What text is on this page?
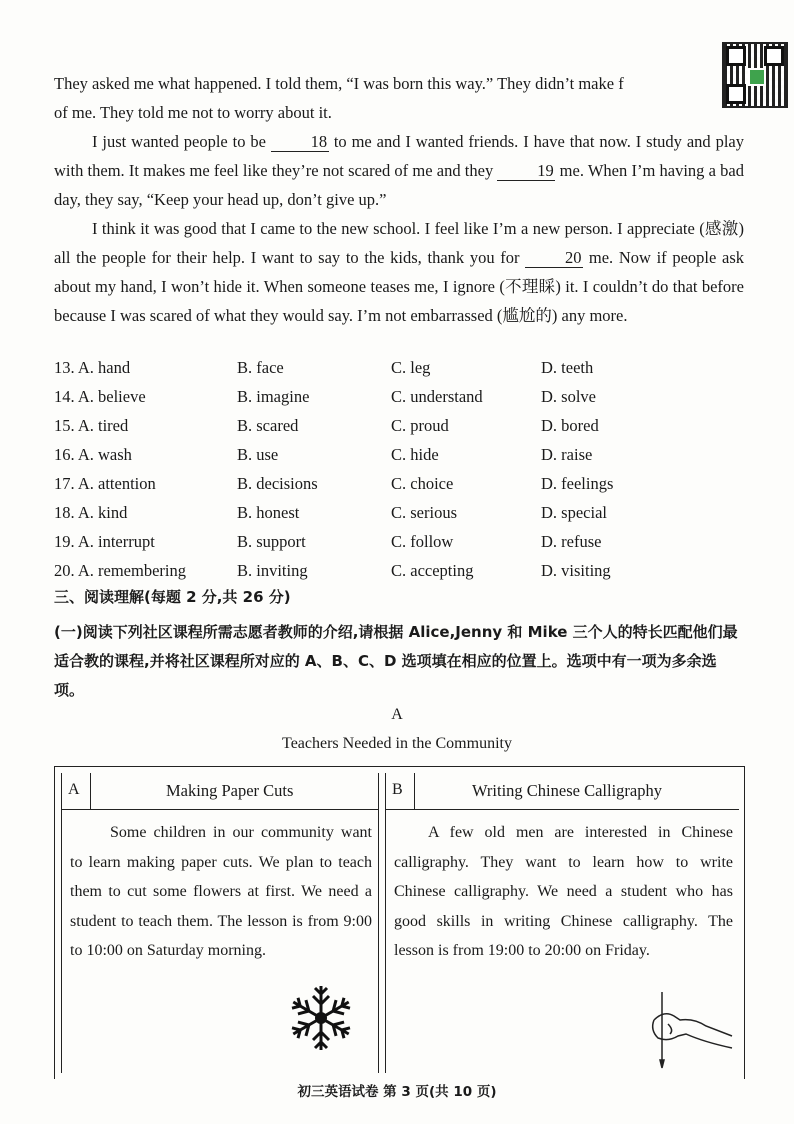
They asked me what happened. I told them, “I was born this way.” They didn’t make f
of me. They told me not to worry about it.
I just wanted people to be	18 to me and I wanted friends. I have that now. I study and play with them. It makes me feel like they’re not scared of me and they	19 me. When I’m having a bad day, they say, “Keep your head up, don’t give up.”
I think it was good that I came to the new school. I feel like I’m a new person. I appreciate (感激) all the people for their help. I want to say to the kids, thank you for	20 me. Now if people ask about my hand, I won’t hide it. When someone teases me, I ignore (不理睬) it. I couldn’t do that before because I was scared of what they would say. I’m not embarrassed (尴尬的) any more.
13. A. hand	B. face	C. leg	D. teeth
14. A. believe	B. imagine	C. understand	D. solve
15. A. tired	B. scared	C. proud	D. bored
16. A. wash	B. use	C. hide	D. raise
17. A. attention	B. decisions	C. choice	D. feelings
18. A. kind	B. honest	C. serious	D. special
19. A. interrupt	B. support	C. follow	D. refuse
20. A. remembering	B. inviting	C. accepting	D. visiting
三、阅读理解(每题 2 分,共 26 分)
(一)阅读下列社区课程所需志愿者教师的介绍,请根据 Alice,Jenny 和 Mike 三个人的特长匹配他们最适合教的课程,并将社区课程所对应的 A、B、C、D 选项填在相应的位置上。选项中有一项为多余选项。
A
Teachers Needed in the Community
A	Making Paper Cuts
Some children in our community want to learn making paper cuts. We plan to teach them to cut some flowers at first. We need a student to teach them. The lesson is from 9:00 to 10:00 on Saturday morning.
B	Writing Chinese Calligraphy
A few old men are interested in Chinese calligraphy. They want to learn how to write Chinese calligraphy. We need a student who has good skills in writing Chinese calligraphy. The lesson is from 19:00 to 20:00 on Friday.
初三英语试卷 第 3 页(共 10 页)
